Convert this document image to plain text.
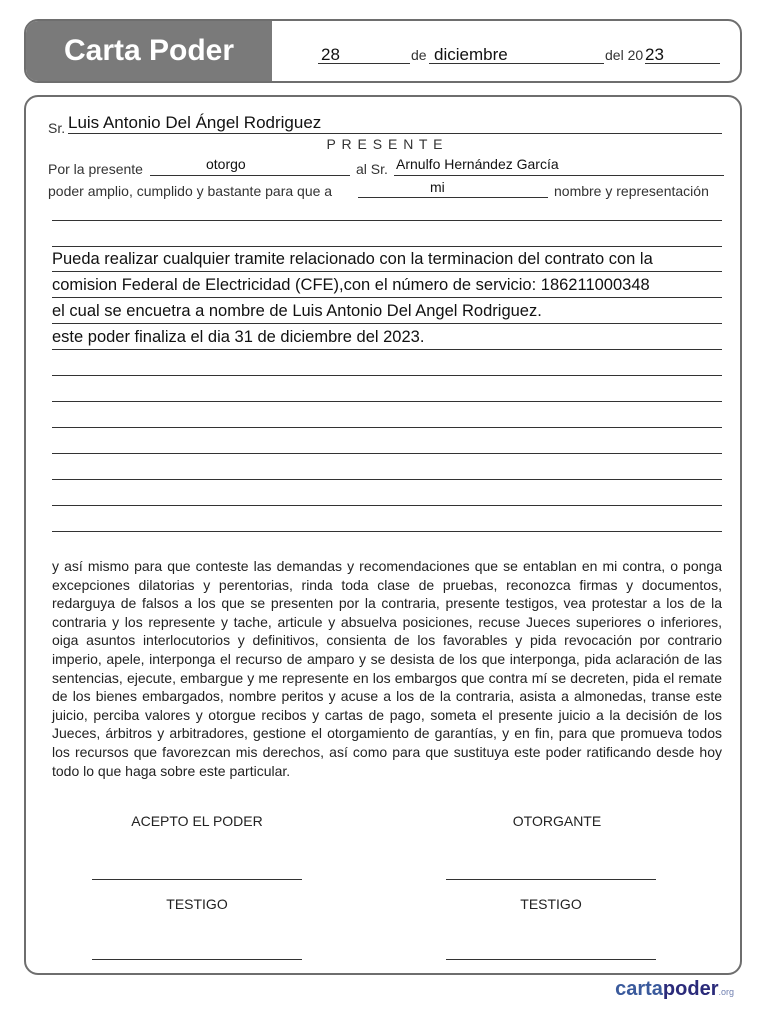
Carta Poder	28	de diciembre	del 20 23
Sr. Luis Antonio Del Ángel Rodriguez
P R E S E N T E
Por la presente	otorgo	al Sr. Arnulfo Hernández García
poder amplio, cumplido y bastante para que a	mi	nombre y representación
Pueda realizar cualquier tramite relacionado con la terminacion del contrato con la
comision Federal de Electricidad (CFE),con el número de servicio: 186211000348
el cual se encuetra a nombre de Luis Antonio Del Angel Rodriguez.
este poder finaliza el dia 31 de diciembre del 2023.
y así mismo para que conteste las demandas y recomendaciones que se entablan en mi contra, o ponga excepciones dilatorias y perentorias, rinda toda clase de pruebas, reconozca firmas y documentos, redarguya de falsos a los que se presenten por la contraria, presente testigos, vea protestar a los de la contraria y los represente y tache, articule y absuelva posiciones, recuse Jueces superiores o inferiores, oiga asuntos interlocutorios y definitivos, consienta de los favorables y pida revocación por contrario imperio, apele, interponga el recurso de amparo y se desista de los que interponga, pida aclaración de las sentencias, ejecute, embargue y me represente en los embargos que contra mí se decreten, pida el remate de los bienes embargados, nombre peritos y acuse a los de la contraria, asista a almonedas, transe este juicio, perciba valores y otorgue recibos y cartas de pago, someta el presente juicio a la decisión de los Jueces, árbitros y arbitradores, gestione el otorgamiento de garantías, y en fin, para que promueva todos los recursos que favorezcan mis derechos, así como para que sustituya este poder ratificando desde hoy todo lo que haga sobre este particular.
ACEPTO EL PODER	OTORGANTE
TESTIGO	TESTIGO
cartapoder.org
